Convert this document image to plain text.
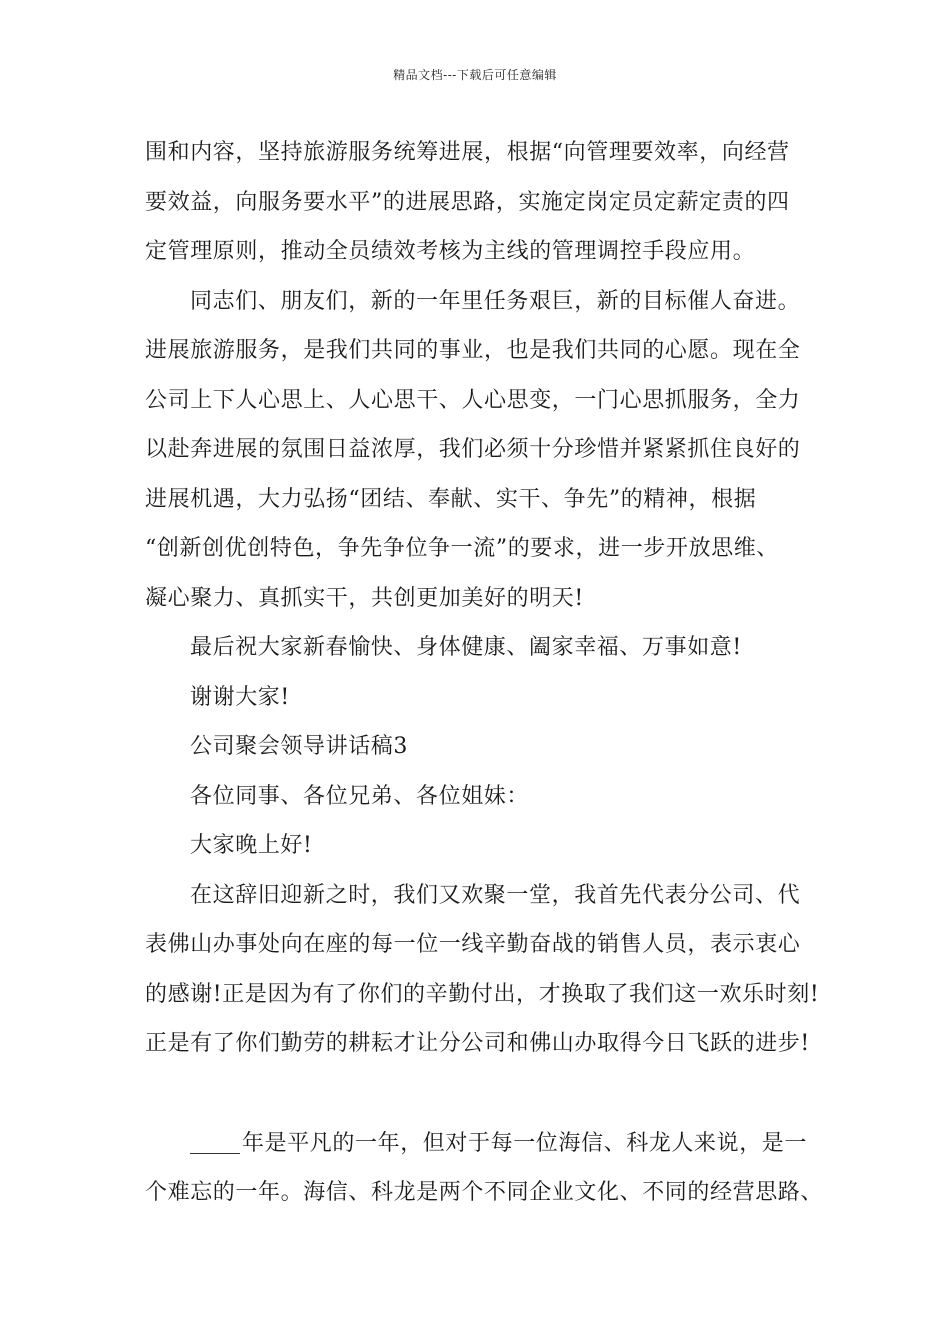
精品文档---下载后可任意编辑
围和内容，坚持旅游服务统筹进展，根据“向管理要效率，向经营
要效益，向服务要水平”的进展思路，实施定岗定员定薪定责的四
定管理原则，推动全员绩效考核为主线的管理调控手段应用。
同志们、朋友们，新的一年里任务艰巨，新的目标催人奋进。
进展旅游服务，是我们共同的事业，也是我们共同的心愿。现在全
公司上下人心思上、人心思干、人心思变，一门心思抓服务，全力
以赴奔进展的氛围日益浓厚，我们必须十分珍惜并紧紧抓住良好的
进展机遇，大力弘扬“团结、奉献、实干、争先”的精神，根据
“创新创优创特色，争先争位争一流”的要求，进一步开放思维、
凝心聚力、真抓实干，共创更加美好的明天!
最后祝大家新春愉快、身体健康、阖家幸福、万事如意!
谢谢大家!
公司聚会领导讲话稿3
各位同事、各位兄弟、各位姐妹：
大家晚上好!
在这辞旧迎新之时，我们又欢聚一堂，我首先代表分公司、代
表佛山办事处向在座的每一位一线辛勤奋战的销售人员，表示衷心
的感谢!正是因为有了你们的辛勤付出，才换取了我们这一欢乐时刻!
正是有了你们勤劳的耕耘才让分公司和佛山办取得今日飞跃的进步!
年是平凡的一年，但对于每一位海信、科龙人来说，是一
个难忘的一年。海信、科龙是两个不同企业文化、不同的经营思路、
